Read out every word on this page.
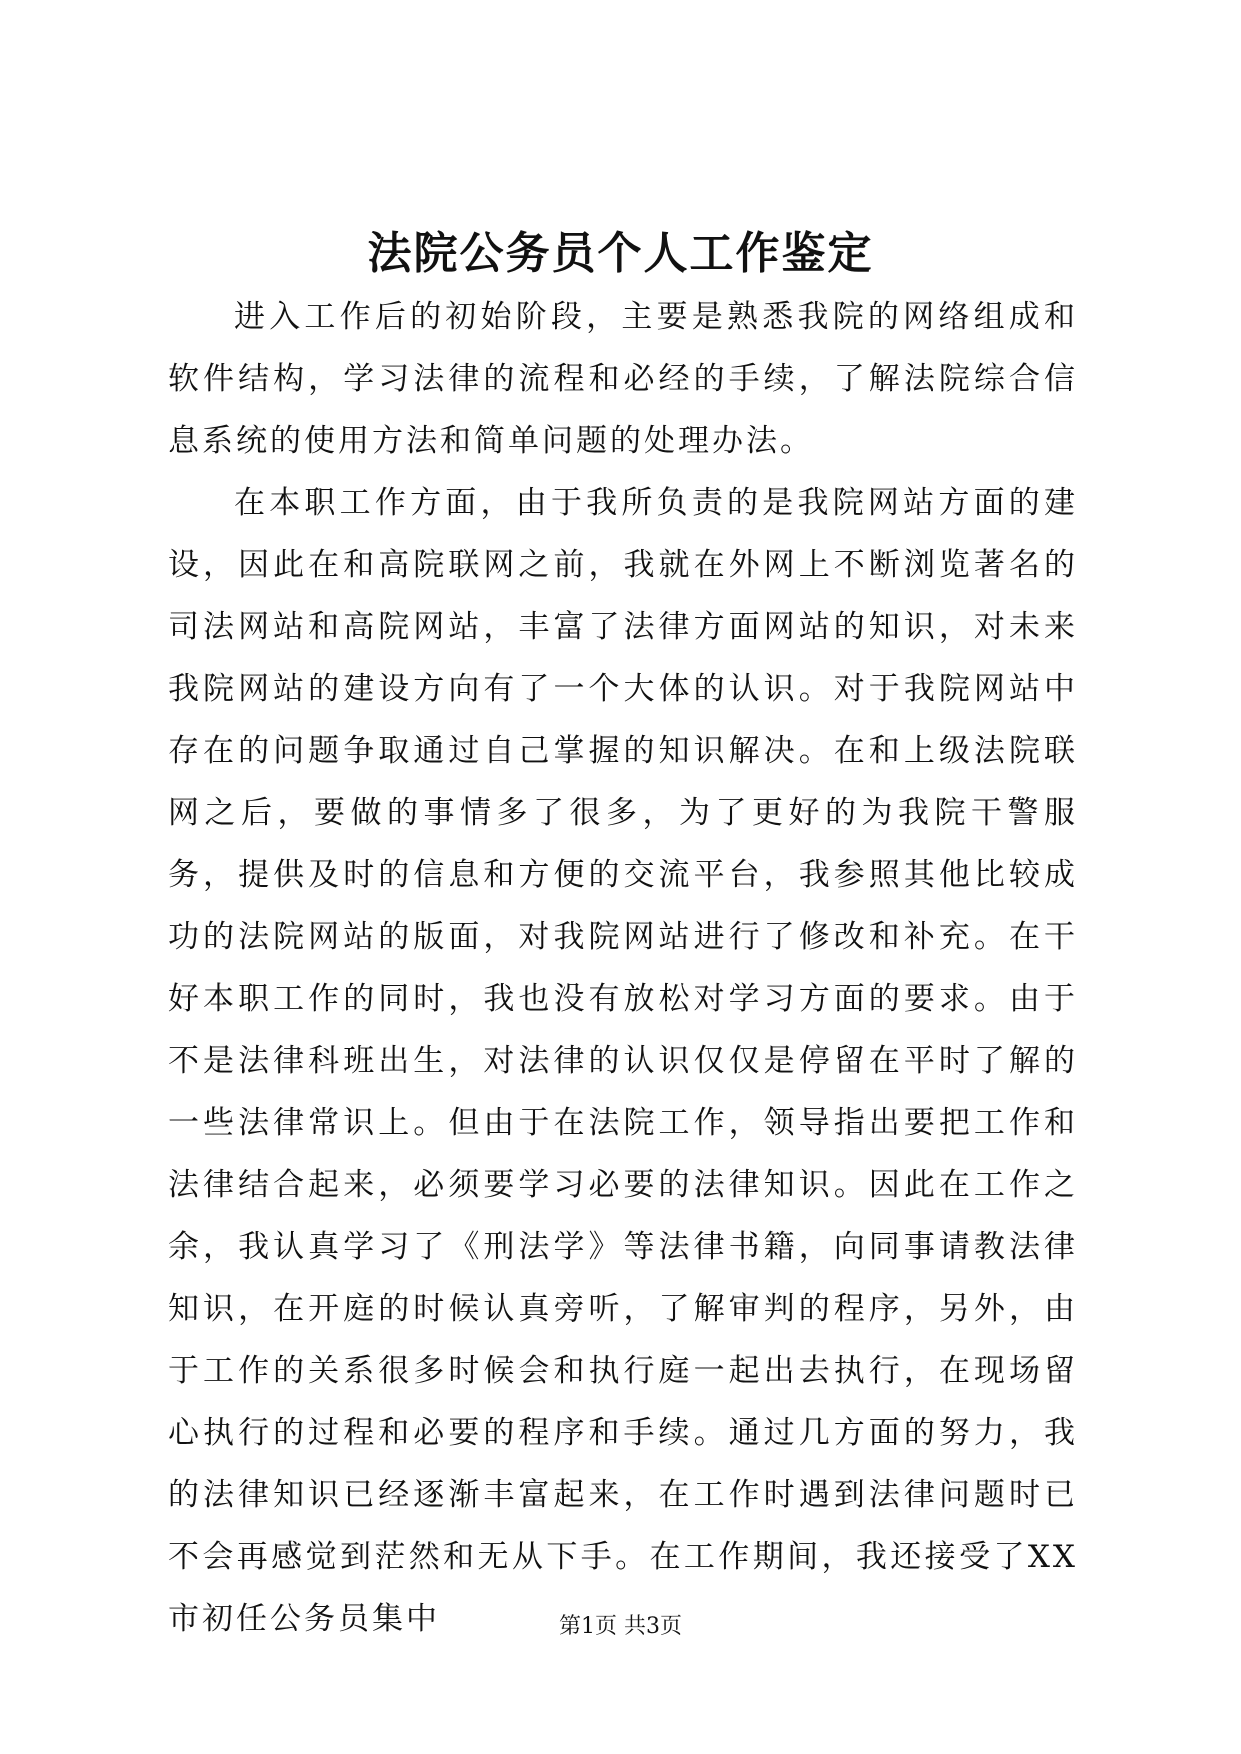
法院公务员个人工作鉴定

进入工作后的初始阶段，主要是熟悉我院的网络组成和软件结构，学习法律的流程和必经的手续，了解法院综合信息系统的使用方法和简单问题的处理办法。

在本职工作方面，由于我所负责的是我院网站方面的建设，因此在和高院联网之前，我就在外网上不断浏览著名的司法网站和高院网站，丰富了法律方面网站的知识，对未来我院网站的建设方向有了一个大体的认识。对于我院网站中存在的问题争取通过自己掌握的知识解决。在和上级法院联网之后，要做的事情多了很多，为了更好的为我院干警服务，提供及时的信息和方便的交流平台，我参照其他比较成功的法院网站的版面，对我院网站进行了修改和补充。在干好本职工作的同时，我也没有放松对学习方面的要求。由于不是法律科班出生，对法律的认识仅仅是停留在平时了解的一些法律常识上。但由于在法院工作，领导指出要把工作和法律结合起来，必须要学习必要的法律知识。因此在工作之余，我认真学习了《刑法学》等法律书籍，向同事请教法律知识，在开庭的时候认真旁听，了解审判的程序，另外，由于工作的关系很多时候会和执行庭一起出去执行，在现场留心执行的过程和必要的程序和手续。通过几方面的努力，我的法律知识已经逐渐丰富起来，在工作时遇到法律问题时已不会再感觉到茫然和无从下手。在工作期间，我还接受了XX市初任公务员集中	第1页 共3页
